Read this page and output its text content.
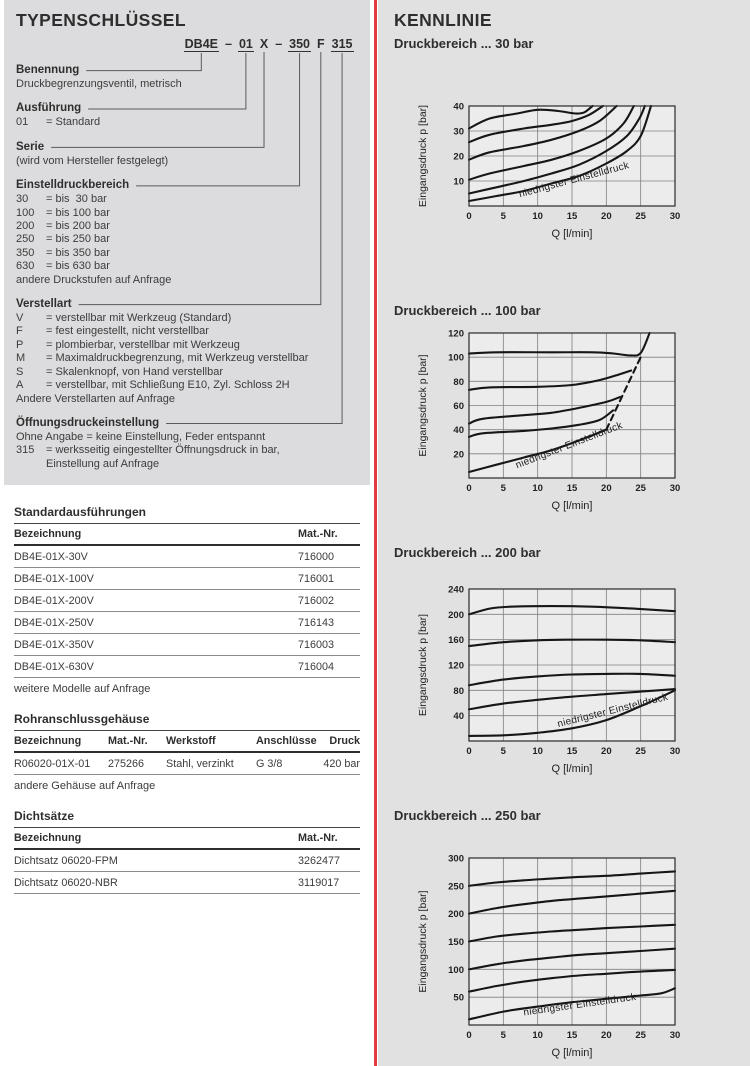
TYPENSCHLÜSSEL
DB4E – 01 X – 350 F 315
Benennung
Druckbegrenzungsventil, metrisch
Ausführung
01	= Standard
Serie
(wird vom Hersteller festgelegt)
Einstelldruckbereich
30	= bis  30 bar
100	= bis 100 bar
200	= bis 200 bar
250	= bis 250 bar
350	= bis 350 bar
630	= bis 630 bar
andere Druckstufen auf Anfrage
Verstellart
V	= verstellbar mit Werkzeug (Standard)
F	= fest eingestellt, nicht verstellbar
P	= plombierbar, verstellbar mit Werkzeug
M	= Maximaldruckbegrenzung, mit Werkzeug verstellbar
S	= Skalenknopf, von Hand verstellbar
A	= verstellbar, mit Schließung E10, Zyl. Schloss 2H
Andere Verstellarten auf Anfrage
Öffnungsdruckeinstellung
Ohne Angabe = keine Einstellung, Feder entspannt
315	= werksseitig eingestellter Öffnungsdruck in bar,
Einstellung auf Anfrage
Standardausführungen
Bezeichnung	Mat.-Nr.
DB4E-01X-30V	716000
DB4E-01X-100V	716001
DB4E-01X-200V	716002
DB4E-01X-250V	716143
DB4E-01X-350V	716003
DB4E-01X-630V	716004
weitere Modelle auf Anfrage
Rohranschlussgehäuse
Bezeichnung	Mat.-Nr.	Werkstoff	Anschlüsse	Druck
R06020-01X-01	275266	Stahl, verzinkt	G 3/8	420 bar
andere Gehäuse auf Anfrage
Dichtsätze
Bezeichnung	Mat.-Nr.
Dichtsatz 06020-FPM	3262477
Dichtsatz 06020-NBR	3119017
KENNLINIE
Druckbereich ... 30 bar
10
20
30
40
0	5	10	15	20	25	30
Q [l/min]
Eingangsdruck p [bar]	niedrigster Einstelldruck
Druckbereich ... 100 bar
20
40
60
80
100
120
0	5	10	15	20	25	30
Q [l/min]
Eingangsdruck p [bar]	niedrigster Einstelldruck
Druckbereich ... 200 bar
40
80
120
160
200
240
0	5	10	15	20	25	30
Q [l/min]
Eingangsdruck p [bar]	niedrigster Einstelldruck
Druckbereich ... 250 bar
50
100
150
200
250
300
0	5	10	15	20	25	30
Q [l/min]
Eingangsdruck p [bar]
niedrigster Einstelldruck
